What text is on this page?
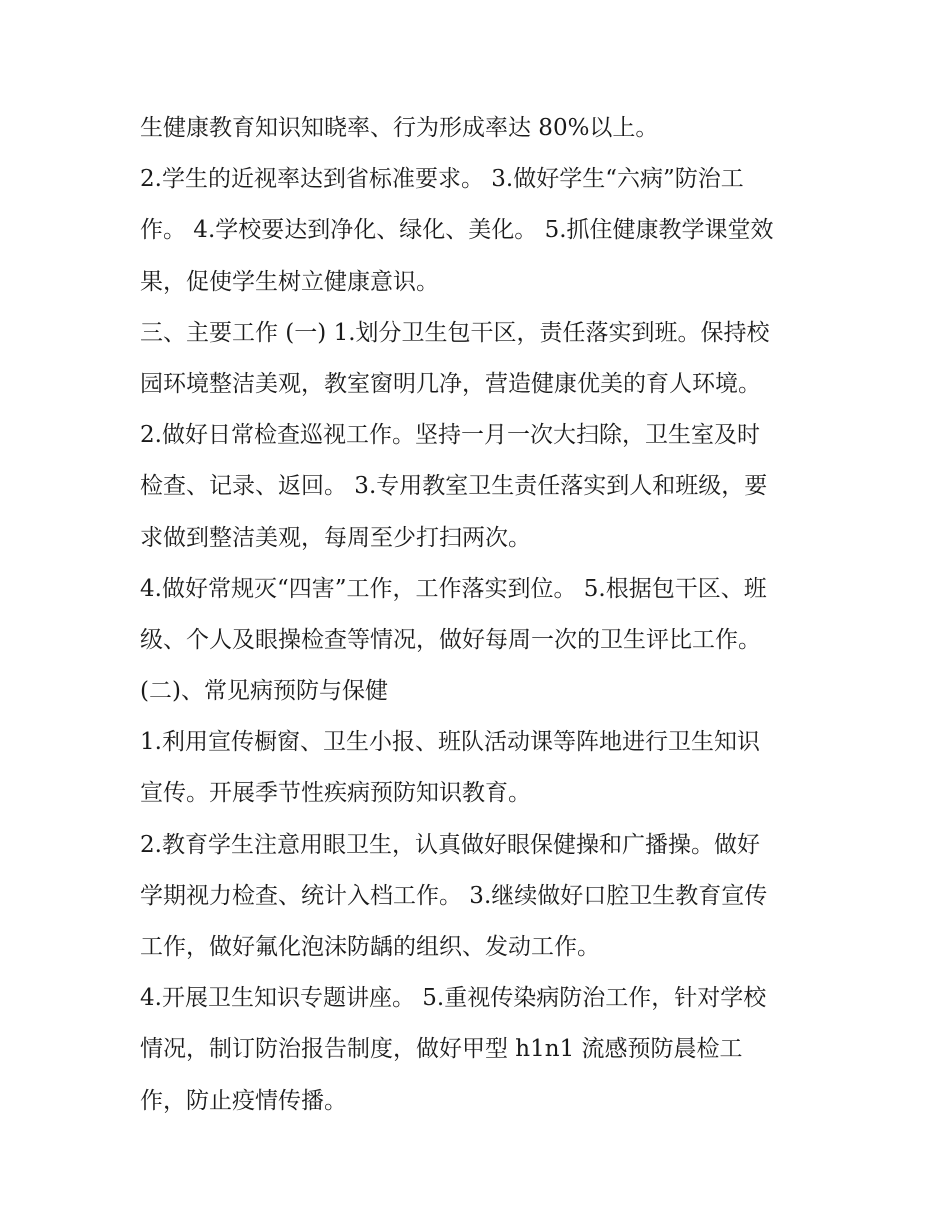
生健康教育知识知晓率、行为形成率达 80%以上。
2.学生的近视率达到省标准要求。 3.做好学生“六病”防治工
作。 4.学校要达到净化、绿化、美化。 5.抓住健康教学课堂效
果，促使学生树立健康意识。
三、主要工作 (一) 1.划分卫生包干区，责任落实到班。保持校
园环境整洁美观，教室窗明几净，营造健康优美的育人环境。
2.做好日常检查巡视工作。坚持一月一次大扫除，卫生室及时
检查、记录、返回。 3.专用教室卫生责任落实到人和班级，要
求做到整洁美观，每周至少打扫两次。
4.做好常规灭“四害”工作，工作落实到位。 5.根据包干区、班
级、个人及眼操检查等情况，做好每周一次的卫生评比工作。
(二)、常见病预防与保健
1.利用宣传橱窗、卫生小报、班队活动课等阵地进行卫生知识
宣传。开展季节性疾病预防知识教育。
2.教育学生注意用眼卫生，认真做好眼保健操和广播操。做好
学期视力检查、统计入档工作。 3.继续做好口腔卫生教育宣传
工作，做好氟化泡沫防龋的组织、发动工作。
4.开展卫生知识专题讲座。 5.重视传染病防治工作，针对学校
情况，制订防治报告制度，做好甲型 h1n1 流感预防晨检工
作，防止疫情传播。
